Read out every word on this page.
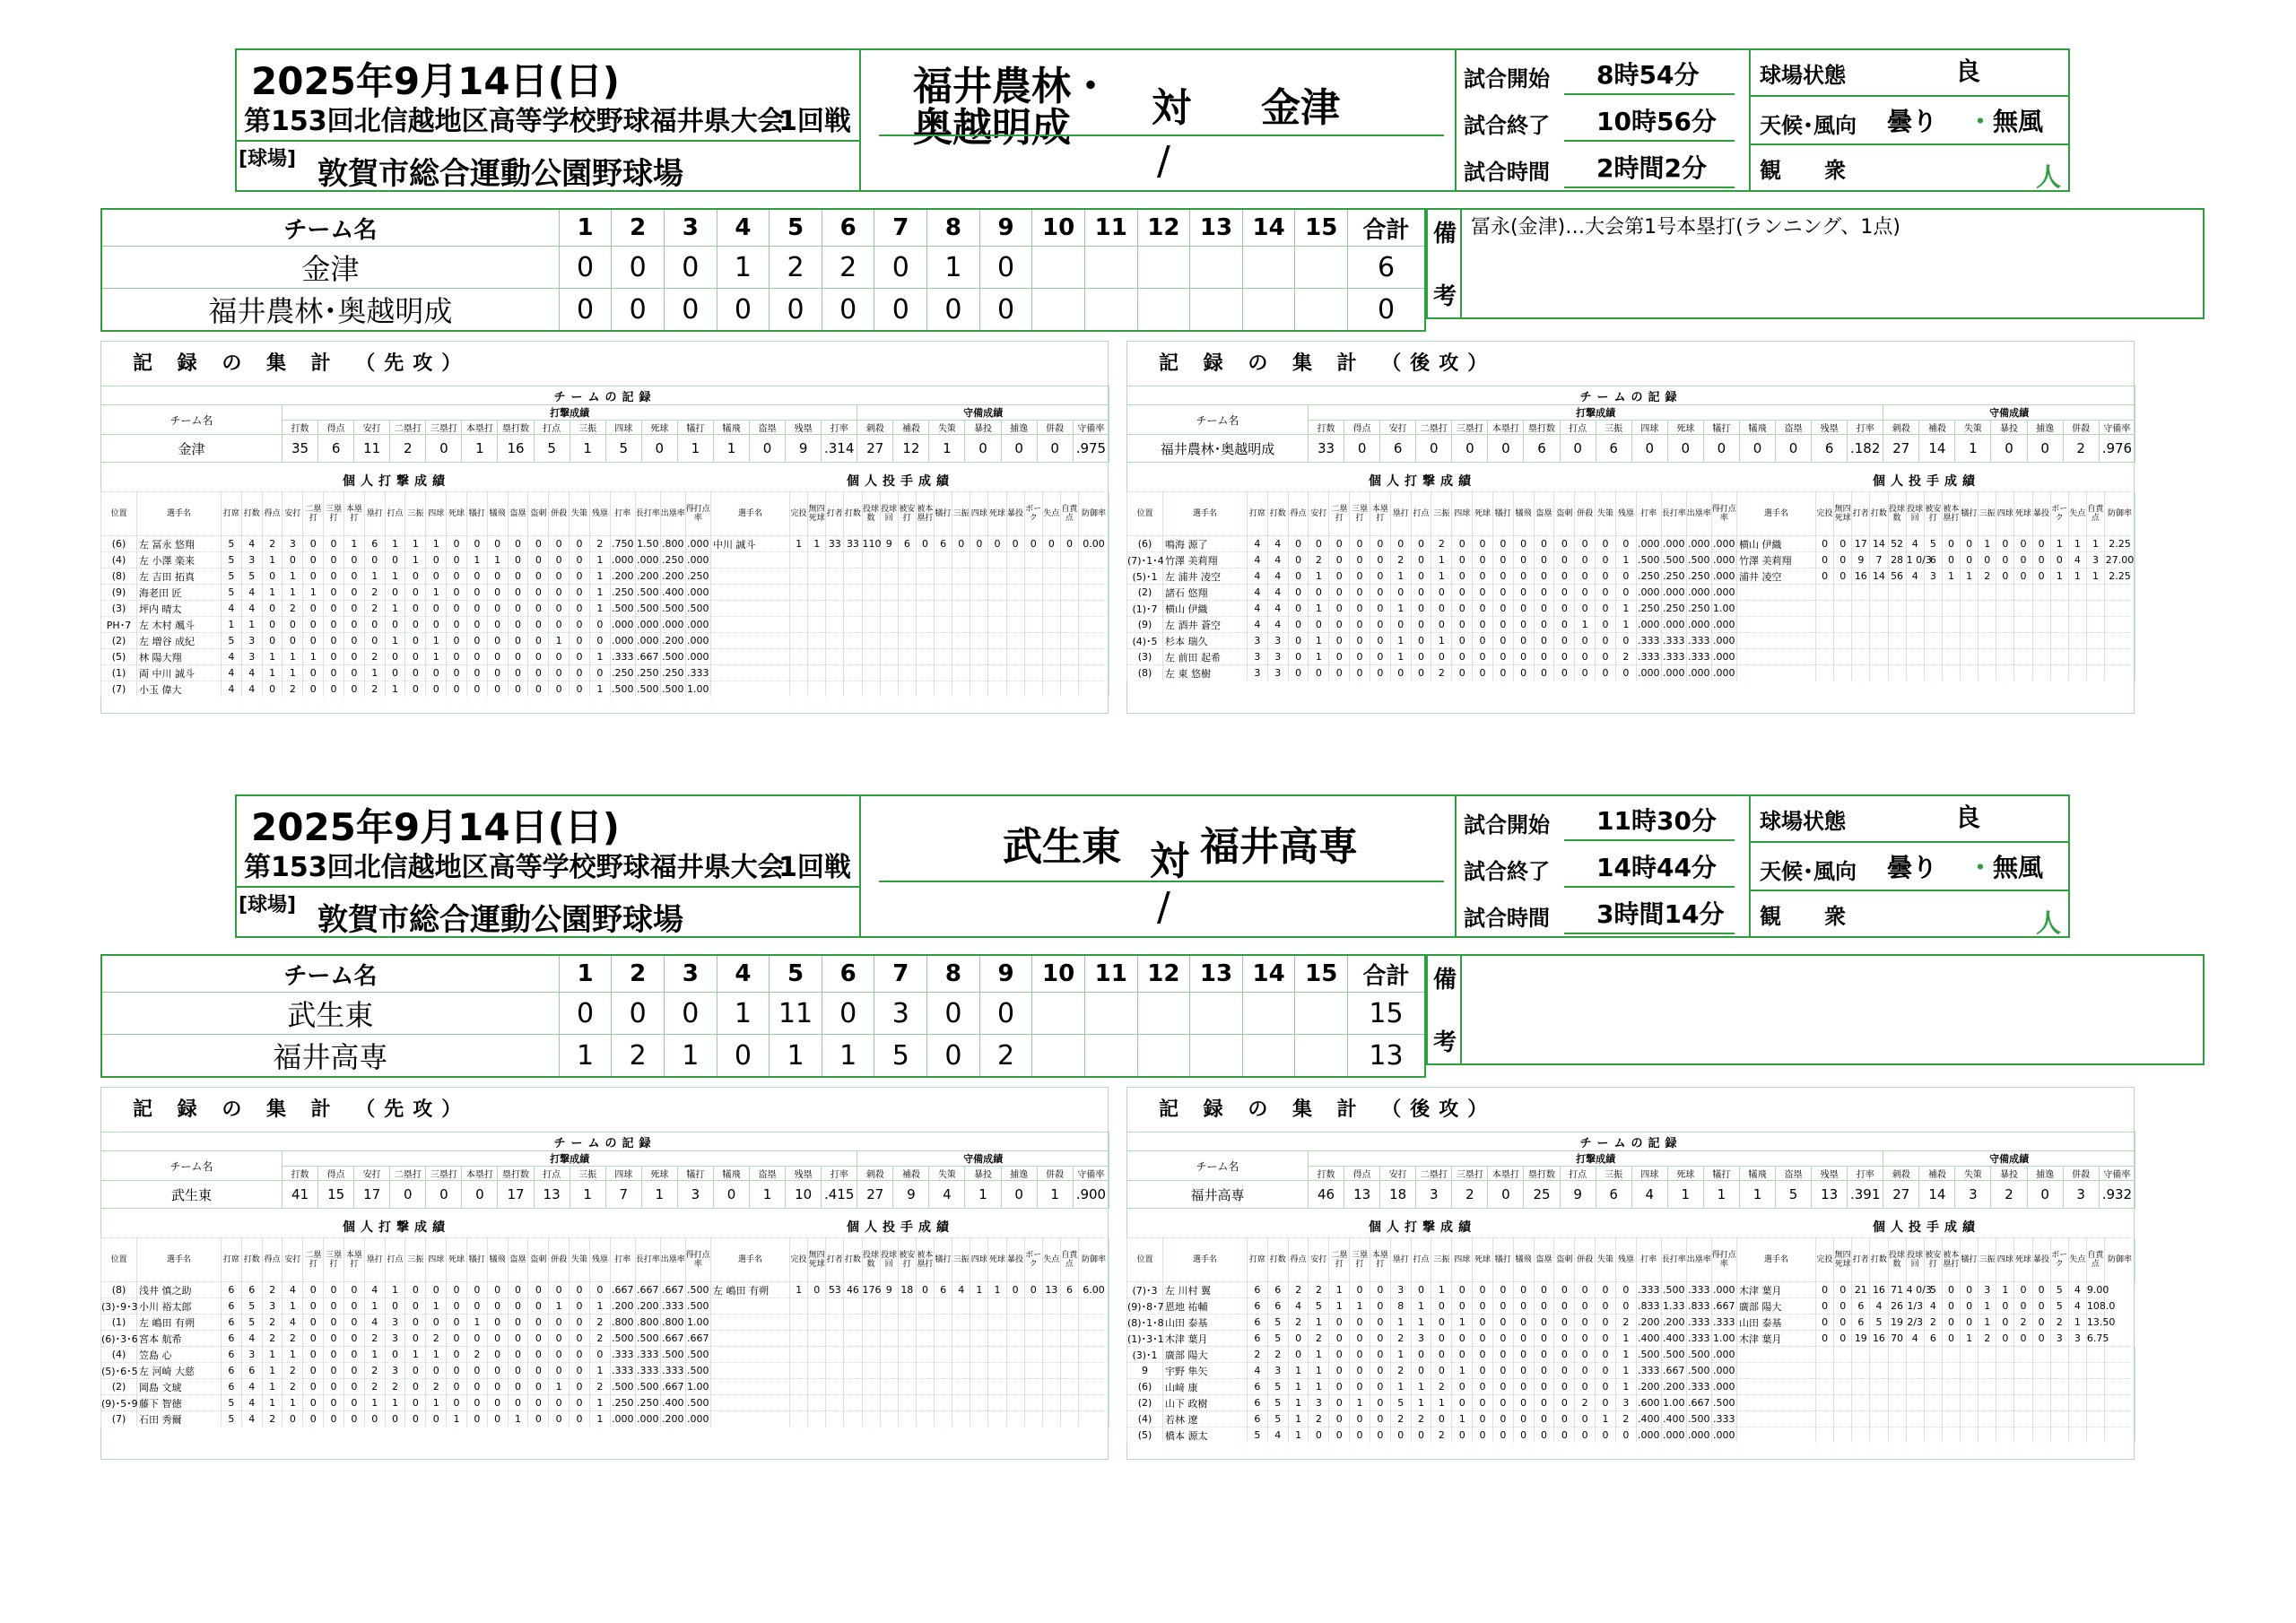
2025年9月14日(日)
第153回北信越地区高等学校野球福井県大会
1回戦
[球場] 敦賀市総合運動公園野球場
福井農林・
奥越明成 対 金津
/
試合開始 8時54分
試合終了 10時56分
試合時間 2時間2分
球場状態	良
天候･風向 曇り ・ 無風
観　　衆	人
チーム名	1	2	3	4	5	6	7	8	9	10	11	12	13	14	15	合計
金津	0	0	0	1	2	2	0	1	0							6
福井農林･奥越明成	0	0	0	0	0	0	0	0	0							0
備
考
冨永(金津)…大会第1号本塁打(ランニング、1点)
記 録 の 集 計 （先攻）
チームの記録																							
チーム名	打撃成績																守備成績						
	打数	得点	安打	二塁打	三塁打	本塁打	塁打数	打点	三振	四球	死球	犠打	犠飛	盗塁	残塁	打率	刺殺	補殺	失策	暴投	捕逸	併殺	守備率
金津	35	6	11	2	0	1	16	5	1	5	0	1	1	0	9	.314	27	12	1	0	0	0	.975
個人打撃成績	個人投手成績
位置	選手名	打席	打数	得点	安打	二塁打	三塁打	本塁打	塁打	打点	三振	四球	死球	犠打	犠飛	盗塁	盗刺	併殺	失策	残塁	打率	長打率	出塁率	得打点率
(6)	左 冨永 悠翔	5	4	2	3	0	0	1	6	1	1	1	0	0	0	0	0	0	0	2	.750	1.50	.800	.000
(4)	左 小澤 楽来	5	3	1	0	0	0	0	0	0	1	0	0	1	1	0	0	0	0	1	.000	.000	.250	.000
(8)	左 吉田 拓真	5	5	0	1	0	0	0	1	1	0	0	0	0	0	0	0	0	0	1	.200	.200	.200	.250
(9)	海老田 匠	5	4	1	1	1	0	0	2	0	0	1	0	0	0	0	0	0	0	1	.250	.500	.400	.000
(3)	坪内 晴太	4	4	0	2	0	0	0	2	1	0	0	0	0	0	0	0	0	0	1	.500	.500	.500	.500
PH･7	左 木村 颯斗	1	1	0	0	0	0	0	0	0	0	0	0	0	0	0	0	0	0	0	.000	.000	.000	.000
(2)	左 増谷 成紀	5	3	0	0	0	0	0	0	1	0	1	0	0	0	0	0	1	0	0	.000	.000	.200	.000
(5)	林 陽大翔	4	3	1	1	1	0	0	2	0	0	1	0	0	0	0	0	0	0	1	.333	.667	.500	.000
(1)	両 中川 誠斗	4	4	1	1	0	0	0	1	0	0	0	0	0	0	0	0	0	0	0	.250	.250	.250	.333
(7)	小玉 偉大	4	4	0	2	0	0	0	2	1	0	0	0	0	0	0	0	0	0	1	.500	.500	.500	1.00
選手名	完投	無四死球	打者	打数	投球数	投球回	被安打	被本塁打	犠打	三振	四球	死球	暴投	ボーク	失点	自責点	防御率
中川 誠斗	1	1	33	33	110	9	6	0	6	0	0	0	0	0	0	0	0.00

記 録 の 集 計 （後攻）
チームの記録																							
チーム名	打撃成績																守備成績						
	打数	得点	安打	二塁打	三塁打	本塁打	塁打数	打点	三振	四球	死球	犠打	犠飛	盗塁	残塁	打率	刺殺	補殺	失策	暴投	捕逸	併殺	守備率
福井農林･奥越明成	33	0	6	0	0	0	6	0	6	0	0	0	0	0	6	.182	27	14	1	0	0	2	.976
個人打撃成績	個人投手成績
位置	選手名	打席	打数	得点	安打	二塁打	三塁打	本塁打	塁打	打点	三振	四球	死球	犠打	犠飛	盗塁	盗刺	併殺	失策	残塁	打率	長打率	出塁率	得打点率
(6)	鳴海 源了	4	4	0	0	0	0	0	0	0	2	0	0	0	0	0	0	0	0	0	.000	.000	.000	.000
(7)･1･4	竹澤 美莉翔	4	4	0	2	0	0	0	2	0	1	0	0	0	0	0	0	0	0	1	.500	.500	.500	.000
(5)･1	左 浦井 凌空	4	4	0	1	0	0	0	1	0	1	0	0	0	0	0	0	0	0	0	.250	.250	.250	.000
(2)	諸石 悠翔	4	4	0	0	0	0	0	0	0	0	0	0	0	0	0	0	0	0	0	.000	.000	.000	.000
(1)･7	横山 伊織	4	4	0	1	0	0	0	1	0	0	0	0	0	0	0	0	0	0	1	.250	.250	.250	1.00
(9)	左 酒井 蒼空	4	4	0	0	0	0	0	0	0	0	0	0	0	0	0	0	1	0	1	.000	.000	.000	.000
(4)･5	杉本 瑞久	3	3	0	1	0	0	0	1	0	1	0	0	0	0	0	0	0	0	0	.333	.333	.333	.000
(3)	左 前田 起希	3	3	0	1	0	0	0	1	0	0	0	0	0	0	0	0	0	0	2	.333	.333	.333	.000
(8)	左 東 悠樹	3	3	0	0	0	0	0	0	0	2	0	0	0	0	0	0	0	0	0	.000	.000	.000	.000
選手名	完投	無四死球	打者	打数	投球数	投球回	被安打	被本塁打	犠打	三振	四球	死球	暴投	ボーク	失点	自責点	防御率
横山 伊織	0	0	17	14	52	4	5	0	0	1	0	0	0	1	1	1	2.25
竹澤 美莉翔	0	0	9	7	28	1 0/3	6	0	0	0	0	0	0	0	4	3	27.00
浦井 凌空	0	0	16	14	56	4	3	1	1	2	0	0	0	1	1	1	2.25

2025年9月14日(日)
第153回北信越地区高等学校野球福井県大会
1回戦
[球場] 敦賀市総合運動公園野球場
武生東 対 福井高専
/
試合開始 11時30分
試合終了 14時44分
試合時間 3時間14分
球場状態	良
天候･風向 曇り ・ 無風
観　　衆	人
チーム名	1	2	3	4	5	6	7	8	9	10	11	12	13	14	15	合計
武生東	0	0	0	1	11	0	3	0	0							15
福井高専	1	2	1	0	1	1	5	0	2							13
備
考
記 録 の 集 計 （先攻）
チームの記録																							
チーム名	打撃成績																守備成績						
	打数	得点	安打	二塁打	三塁打	本塁打	塁打数	打点	三振	四球	死球	犠打	犠飛	盗塁	残塁	打率	刺殺	補殺	失策	暴投	捕逸	併殺	守備率
武生東	41	15	17	0	0	0	17	13	1	7	1	3	0	1	10	.415	27	9	4	1	0	1	.900
個人打撃成績	個人投手成績
位置	選手名	打席	打数	得点	安打	二塁打	三塁打	本塁打	塁打	打点	三振	四球	死球	犠打	犠飛	盗塁	盗刺	併殺	失策	残塁	打率	長打率	出塁率	得打点率
(8)	浅井 慎之助	6	6	2	4	0	0	0	4	1	0	0	0	0	0	0	0	0	0	0	.667	.667	.667	.500
(3)･9･3	小川 裕太郎	6	5	3	1	0	0	0	1	0	0	1	0	0	0	0	0	1	0	1	.200	.200	.333	.500
(1)	左 嶋田 有朔	6	5	2	4	0	0	0	4	3	0	0	0	1	0	0	0	0	0	2	.800	.800	.800	1.00
(6)･3･6	宮本 航希	6	4	2	2	0	0	0	2	3	0	2	0	0	0	0	0	0	0	2	.500	.500	.667	.667
(4)	笠島 心	6	3	1	1	0	0	0	1	0	1	1	0	2	0	0	0	0	0	0	.333	.333	.500	.500
(5)･6･5	左 河崎 大慈	6	6	1	2	0	0	0	2	3	0	0	0	0	0	0	0	0	0	1	.333	.333	.333	.500
(2)	岡島 文琥	6	4	1	2	0	0	0	2	2	0	2	0	0	0	0	0	1	0	2	.500	.500	.667	1.00
(9)･5･9	藤下 智徳	5	4	1	1	0	0	0	1	1	0	1	0	0	0	0	0	0	0	1	.250	.250	.400	.500
(7)	石田 秀爾	5	4	2	0	0	0	0	0	0	0	0	1	0	0	1	0	0	0	1	.000	.000	.200	.000
選手名	完投	無四死球	打者	打数	投球数	投球回	被安打	被本塁打	犠打	三振	四球	死球	暴投	ボーク	失点	自責点	防御率
左 嶋田 有朔	1	0	53	46	176	9	18	0	6	4	1	1	0	0	13	6	6.00

記 録 の 集 計 （後攻）
チームの記録																							
チーム名	打撃成績																守備成績						
	打数	得点	安打	二塁打	三塁打	本塁打	塁打数	打点	三振	四球	死球	犠打	犠飛	盗塁	残塁	打率	刺殺	補殺	失策	暴投	捕逸	併殺	守備率
福井高専	46	13	18	3	2	0	25	9	6	4	1	1	1	5	13	.391	27	14	3	2	0	3	.932
個人打撃成績	個人投手成績
位置	選手名	打席	打数	得点	安打	二塁打	三塁打	本塁打	塁打	打点	三振	四球	死球	犠打	犠飛	盗塁	盗刺	併殺	失策	残塁	打率	長打率	出塁率	得打点率
(7)･3	左 川村 翼	6	6	2	2	1	0	0	3	0	1	0	0	0	0	0	0	0	0	0	.333	.500	.333	.000
(9)･8･7	恩地 祐輔	6	6	4	5	1	1	0	8	1	0	0	0	0	0	0	0	0	0	0	.833	1.33	.833	.667
(8)･1･8	山田 泰基	6	5	2	1	0	0	0	1	1	0	1	0	0	0	0	0	0	0	2	.200	.200	.333	.333
(1)･3･1	木津 葉月	6	5	0	2	0	0	0	2	3	0	0	0	0	0	0	0	0	0	1	.400	.400	.333	1.00
(3)･1	廣部 陽大	2	2	0	1	0	0	0	1	0	0	0	0	0	0	0	0	0	0	1	.500	.500	.500	.000
9	宇野 隼矢	4	3	1	1	0	0	0	2	0	0	1	0	0	0	0	0	0	0	1	.333	.667	.500	.000
(6)	山﨑 康	6	5	1	1	0	0	0	1	1	2	0	0	0	0	0	0	0	0	1	.200	.200	.333	.000
(2)	山下 政樹	6	5	1	3	0	1	0	5	1	1	0	0	0	0	0	0	2	0	3	.600	1.00	.667	.500
(4)	若林 遼	6	5	1	2	0	0	0	2	2	0	1	0	0	0	0	0	0	1	2	.400	.400	.500	.333
(5)	橋本 源太	5	4	1	0	0	0	0	0	0	2	0	0	0	0	0	0	0	0	0	.000	.000	.000	.000
選手名	完投	無四死球	打者	打数	投球数	投球回	被安打	被本塁打	犠打	三振	四球	死球	暴投	ボーク	失点	自責点	防御率
木津 葉月	0	0	21	16	71	4 0/3	5	0	0	3	1	0	0	5	4	9.00	
廣部 陽大	0	0	6	4	26	1/3	4	0	0	1	0	0	0	5	4	108.0	
山田 泰基	0	0	6	5	19	2/3	2	0	0	1	0	2	0	2	1	13.50	
木津 葉月	0	0	19	16	70	4	6	0	1	2	0	0	0	3	3	6.75	
